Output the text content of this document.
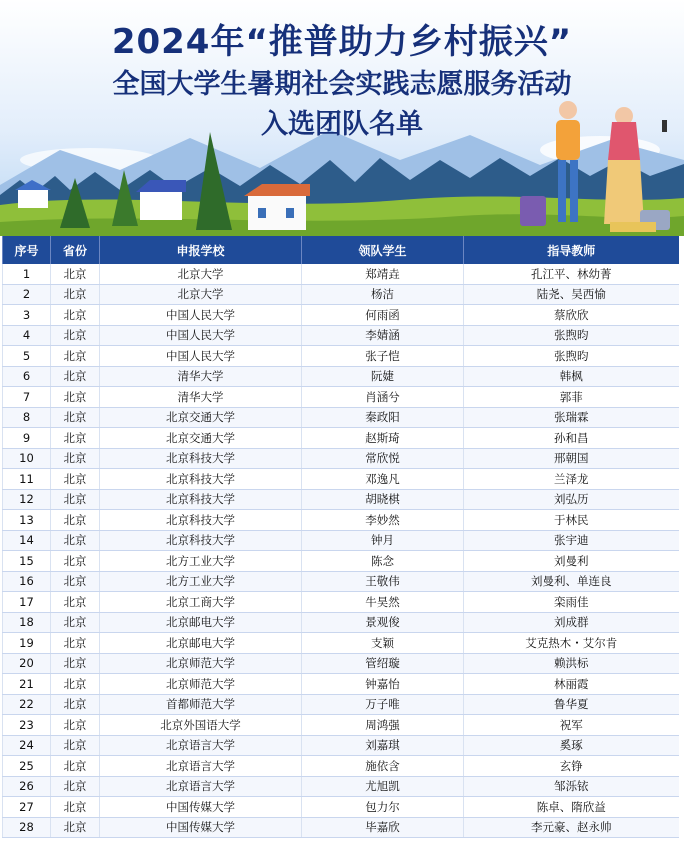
2024年“推普助力乡村振兴”
全国大学生暑期社会实践志愿服务活动
入选团队名单
序号	省份	申报学校	领队学生	指导教师
1	北京	北京大学	郑靖垚	孔江平、林幼菁
2	北京	北京大学	杨洁	陆尧、吴西愉
3	北京	中国人民大学	何雨函	蔡欣欣
4	北京	中国人民大学	李婧涵	张煦昀
5	北京	中国人民大学	张子恺	张煦昀
6	北京	清华大学	阮婕	韩枫
7	北京	清华大学	肖涵兮	郭菲
8	北京	北京交通大学	秦政阳	张瑞霖
9	北京	北京交通大学	赵斯琦	孙和昌
10	北京	北京科技大学	常欣悦	邢朝国
11	北京	北京科技大学	邓逸凡	兰泽龙
12	北京	北京科技大学	胡晓棋	刘弘历
13	北京	北京科技大学	李妙然	于林民
14	北京	北京科技大学	钟月	张宇迪
15	北京	北方工业大学	陈念	刘曼利
16	北京	北方工业大学	王敬伟	刘曼利、单连良
17	北京	北京工商大学	牛昊然	栾雨佳
18	北京	北京邮电大学	景观俊	刘成群
19	北京	北京邮电大学	支颖	艾克热木・艾尔肯
20	北京	北京师范大学	管绍璇	赖洪标
21	北京	北京师范大学	钟嘉怡	林丽霞
22	北京	首都师范大学	万子唯	鲁华夏
23	北京	北京外国语大学	周鸿强	祝军
24	北京	北京语言大学	刘嘉琪	奚琢
25	北京	北京语言大学	施依含	玄铮
26	北京	北京语言大学	尤旭凯	邹泺铱
27	北京	中国传媒大学	包力尔	陈卓、隋欣益
28	北京	中国传媒大学	毕嘉欣	李元豪、赵永帅
